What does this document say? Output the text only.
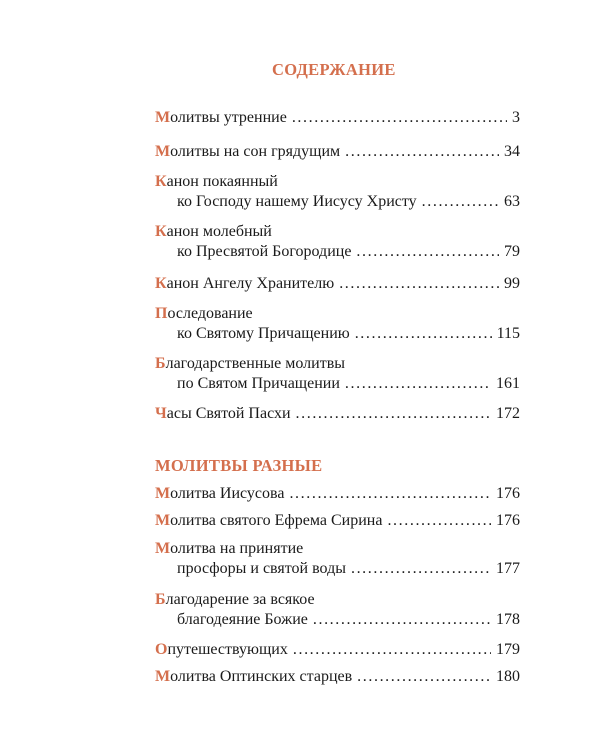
СОДЕРЖАНИЕ
М олитвы утренние . . .	3
М олитвы на сон грядущим . . .	34
К анон покаянный
ко Господу нашему Иисусу Христу . . .	63
К анон молебный
ко Пресвятой Богородице . . .	79
К анон Ангелу Хранителю . . .	99
П оследование
ко Святому Причащению . . .	115
Б лагодарственные молитвы
по Святом Причащении . . .	161
Ч асы Святой Пасхи . . .	172
МОЛИТВЫ РАЗНЫЕ
М олитва Иисусова . . .	176
М олитва святого Ефрема Сирина . . .	176
М олитва на принятие
просфоры и святой воды . . .	177
Б лагодарение за всякое
благодеяние Божие . . .	178
О путешествующих . . .	179
М олитва Оптинских старцев . . .	180
